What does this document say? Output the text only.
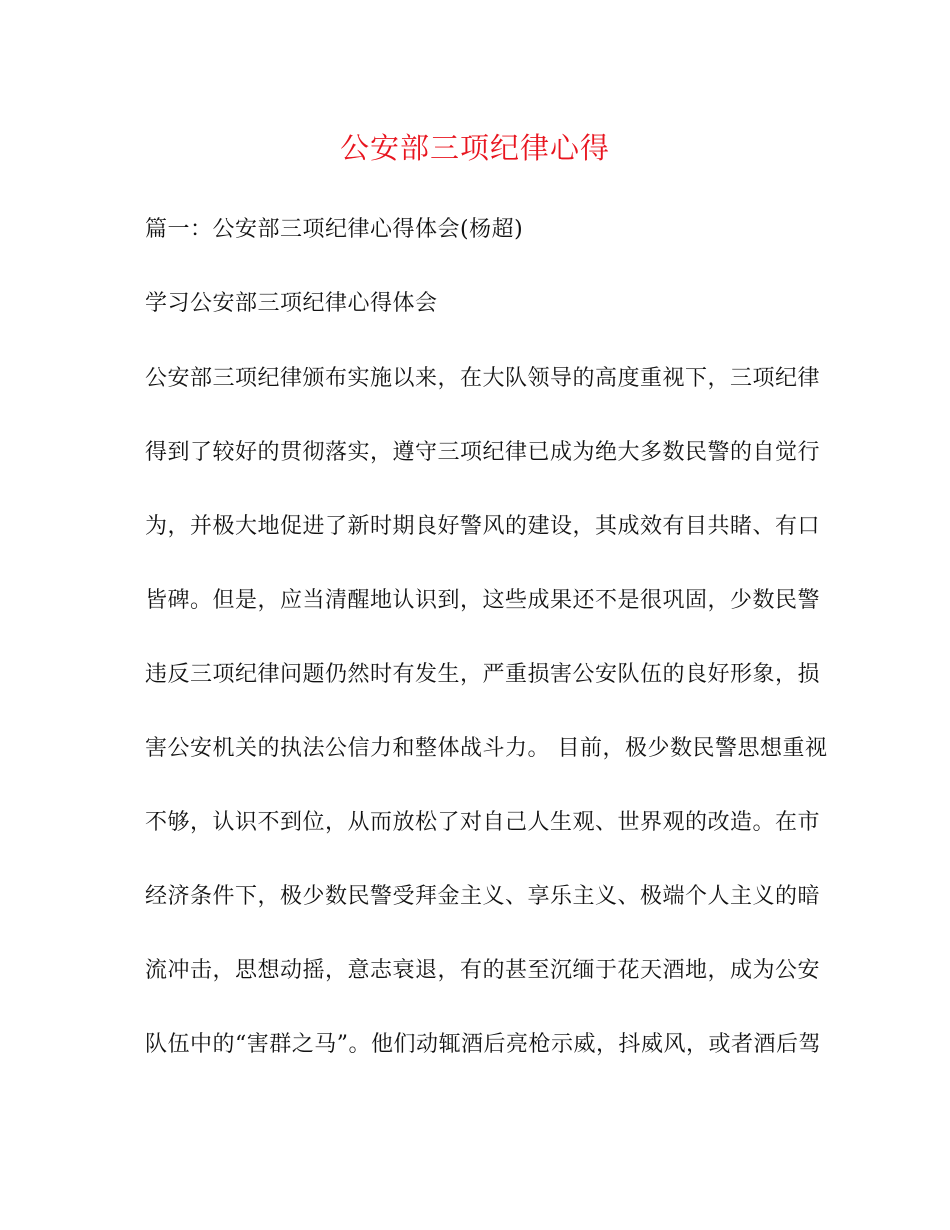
公安部三项纪律心得
篇一：公安部三项纪律心得体会(杨超)
学习公安部三项纪律心得体会
公安部三项纪律颁布实施以来，在大队领导的高度重视下，三项纪律
得到了较好的贯彻落实，遵守三项纪律已成为绝大多数民警的自觉行
为，并极大地促进了新时期良好警风的建设，其成效有目共睹、有口
皆碑。但是，应当清醒地认识到，这些成果还不是很巩固，少数民警
违反三项纪律问题仍然时有发生，严重损害公安队伍的良好形象，损
害公安机关的执法公信力和整体战斗力。 目前，极少数民警思想重视
不够，认识不到位，从而放松了对自己人生观、世界观的改造。在市
经济条件下，极少数民警受拜金主义、享乐主义、极端个人主义的暗
流冲击，思想动摇，意志衰退，有的甚至沉缅于花天酒地，成为公安
队伍中的“害群之马”。他们动辄酒后亮枪示威，抖威风，或者酒后驾
